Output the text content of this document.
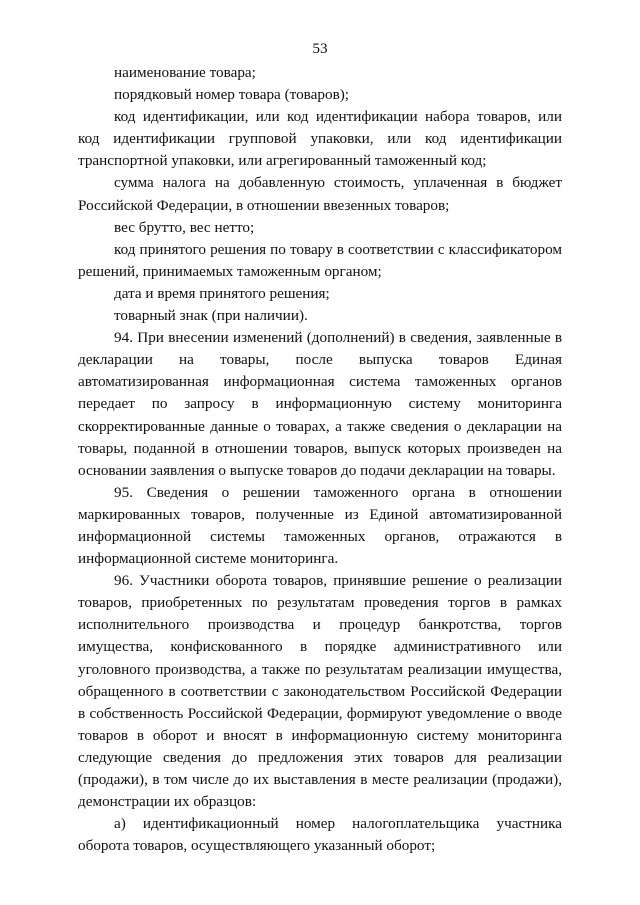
53

наименование товара;

порядковый номер товара (товаров);

код идентификации, или код идентификации набора товаров, или код идентификации групповой упаковки, или код идентификации транспортной упаковки, или агрегированный таможенный код;

сумма налога на добавленную стоимость, уплаченная в бюджет Российской Федерации, в отношении ввезенных товаров;

вес брутто, вес нетто;

код принятого решения по товару в соответствии с классификатором решений, принимаемых таможенным органом;

дата и время принятого решения;

товарный знак (при наличии).

94. При внесении изменений (дополнений) в сведения, заявленные в декларации на товары, после выпуска товаров Единая автоматизированная информационная система таможенных органов передает по запросу в информационную систему мониторинга скорректированные данные о товарах, а также сведения о декларации на товары, поданной в отношении товаров, выпуск которых произведен на основании заявления о выпуске товаров до подачи декларации на товары.

95. Сведения о решении таможенного органа в отношении маркированных товаров, полученные из Единой автоматизированной информационной системы таможенных органов, отражаются в информационной системе мониторинга.

96. Участники оборота товаров, принявшие решение о реализации товаров, приобретенных по результатам проведения торгов в рамках исполнительного производства и процедур банкротства, торгов имущества, конфискованного в порядке административного или уголовного производства, а также по результатам реализации имущества, обращенного в соответствии с законодательством Российской Федерации в собственность Российской Федерации, формируют уведомление о вводе товаров в оборот и вносят в информационную систему мониторинга следующие сведения до предложения этих товаров для реализации (продажи), в том числе до их выставления в месте реализации (продажи), демонстрации их образцов:

а) идентификационный номер налогоплательщика участника оборота товаров, осуществляющего указанный оборот;
